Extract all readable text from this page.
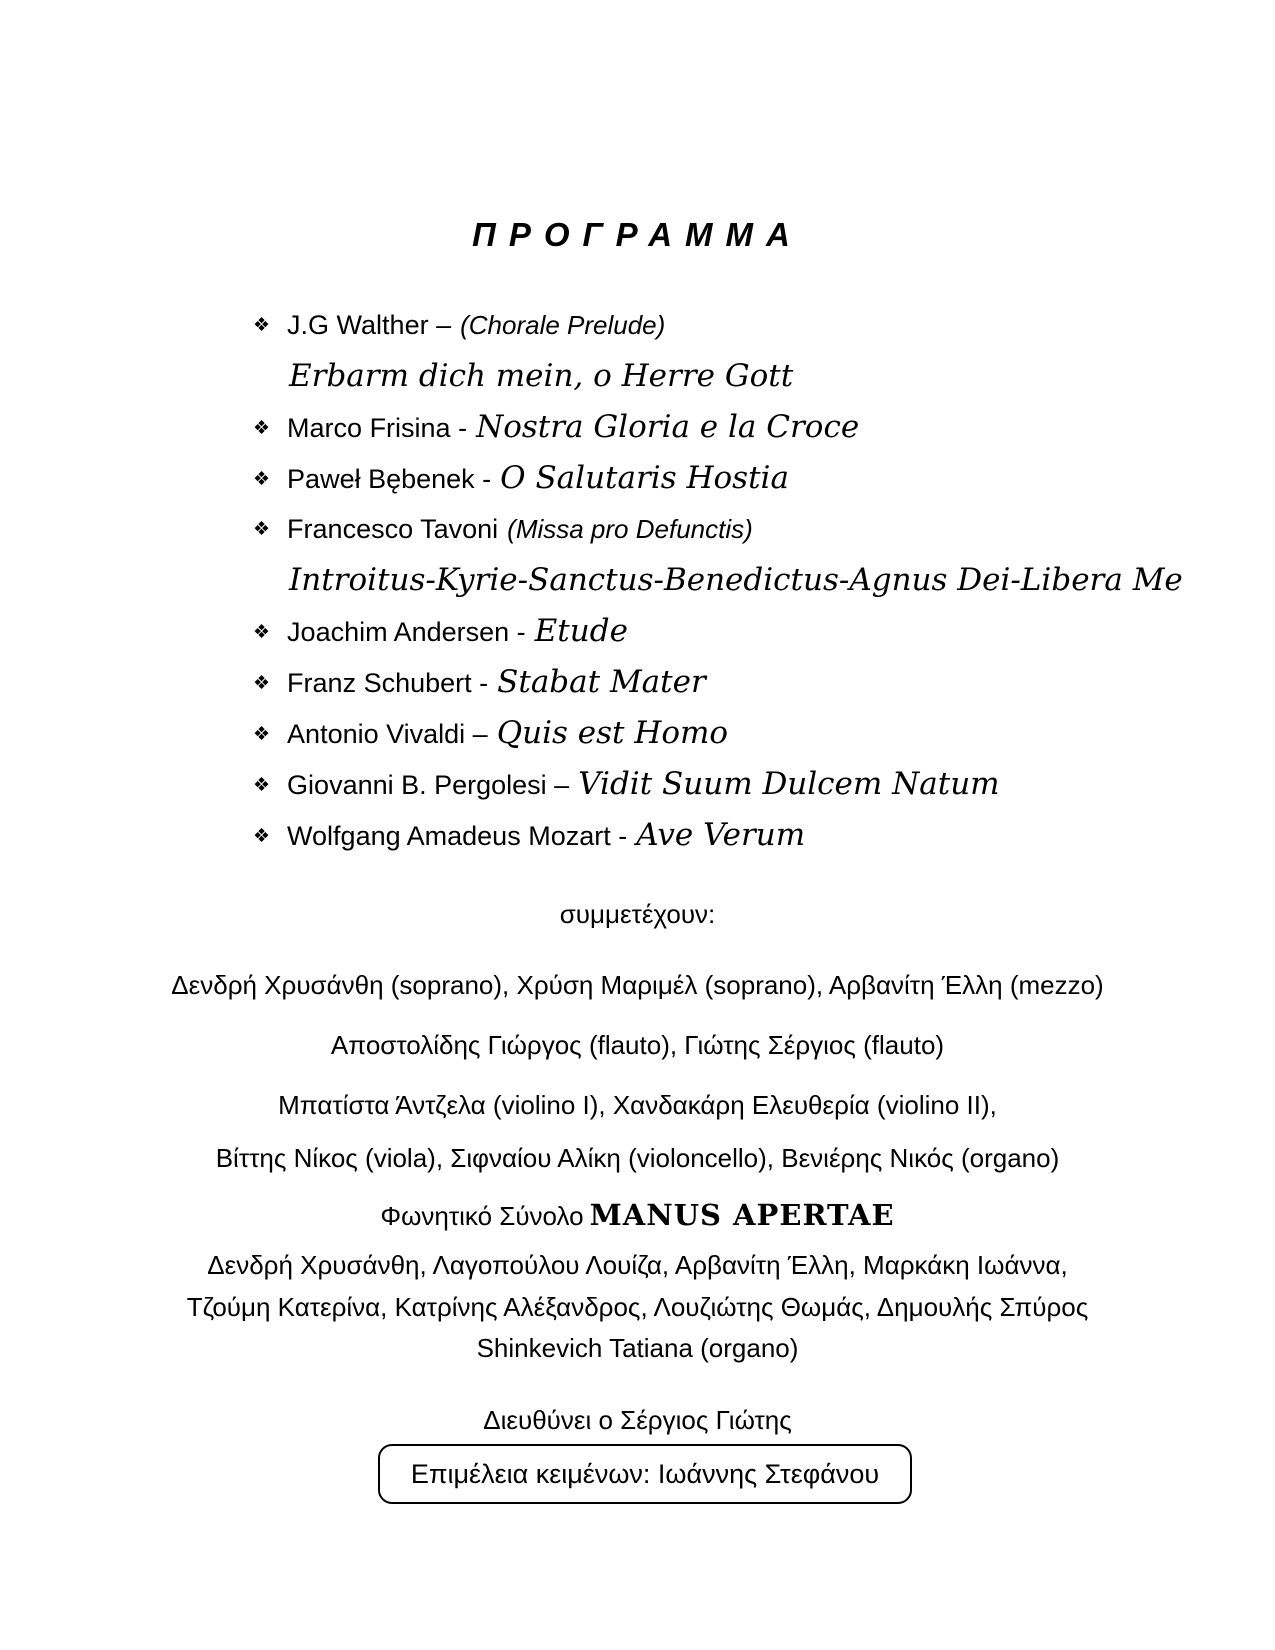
ΠΡΟΓΡΑΜΜΑ
❖ J.G Walther – (Chorale Prelude)
Erbarm dich mein, o Herre Gott
❖ Marco Frisina - Nostra Gloria e la Croce
❖ Paweł Bębenek - O Salutaris Hostia
❖ Francesco Tavoni (Missa pro Defunctis)
Introitus-Kyrie-Sanctus-Benedictus-Agnus Dei-Libera Me
❖ Joachim Andersen - Etude
❖ Franz Schubert - Stabat Mater
❖ Antonio Vivaldi – Quis est Homo
❖ Giovanni B. Pergolesi – Vidit Suum Dulcem Natum
❖ Wolfgang Amadeus Mozart - Ave Verum
συμμετέχουν:
Δενδρή Χρυσάνθη (soprano), Χρύση Μαριμέλ (soprano), Αρβανίτη Έλλη (mezzo)
Αποστολίδης Γιώργος (flauto), Γιώτης Σέργιος (flauto)
Μπατίστα Άντζελα (violino I), Χανδακάρη Ελευθερία (violino II),
Βίττης Νίκος (viola), Σιφναίου Αλίκη (violoncello), Βενιέρης Νικός (organo)
Φωνητικό Σύνολο MANUS APERTAE
Δενδρή Χρυσάνθη, Λαγοπούλου Λουίζα, Αρβανίτη Έλλη, Μαρκάκη Ιωάννα,
Τζούμη Κατερίνα, Κατρίνης Αλέξανδρος, Λουζιώτης Θωμάς, Δημουλής Σπύρος
Shinkevich Tatiana (organo)
Διευθύνει ο Σέργιος Γιώτης
Επιμέλεια κειμένων: Ιωάννης Στεφάνου
